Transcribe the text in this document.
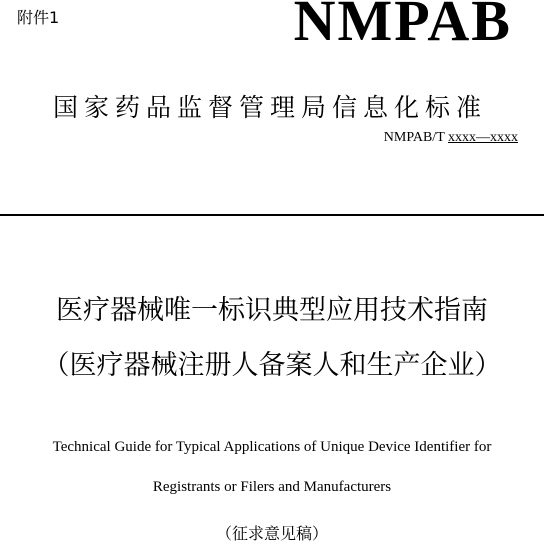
附件1	NMPAB
国家药品监督管理局信息化标准
NMPAB/T xxxx—xxxx
医疗器械唯一标识典型应用技术指南
（医疗器械注册人备案人和生产企业）
Technical Guide for Typical Applications of Unique Device Identifier for
Registrants or Filers and Manufacturers
（征求意见稿）
